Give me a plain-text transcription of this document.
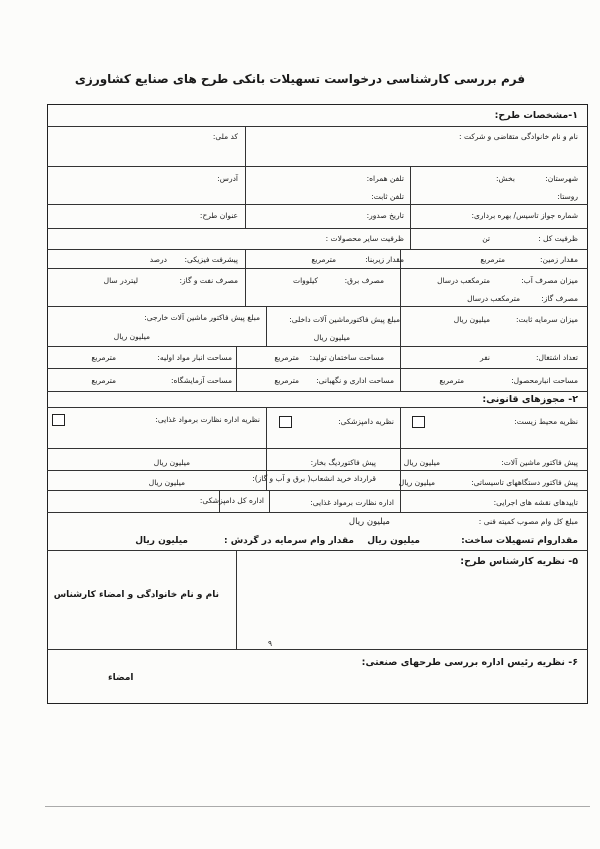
فرم بررسی کارشناسی درخواست تسهیلات بانکی طرح های صنایع کشاورزی
۱-مشخصات طرح:
نام و نام خانوادگی متقاضی و شرکت :
کد ملی:
شهرستان:
بخش:
تلفن همراه:
آدرس:
روستا:
تلفن ثابت:
شماره جواز تاسیس/ بهره برداری:
تاریخ صدور:
عنوان طرح:
ظرفیت کل :
تن
ظرفیت سایر محصولات :
مقدار زمین:
مترمربع
مقدار زیربنا:
مترمربع
پیشرفت فیزیکی:
درصد
میزان مصرف آب:
مترمکعب درسال
مصرف برق:
کیلووات
مصرف نفت و گاز:
لیتردر سال
مصرف گاز:
مترمکعب درسال
میزان سرمایه ثابت:
میلیون ریال
مبلغ پیش فاکتورماشین آلات داخلی:
میلیون ریال
مبلغ پیش فاکتور ماشین آلات خارجی:
میلیون ریال
تعداد اشتغال:
نفر
مساحت ساختمان تولید:
مترمربع
مساحت انبار مواد اولیه:
مترمربع
مساحت انبارمحصول:
مترمربع
مساحت اداری و نگهبانی:
مترمربع
مساحت آزمایشگاه:
مترمربع
۲- مجوزهای قانونی:
نظریه محیط زیست:
نظریه دامپزشکی:
نظریه اداره نظارت برمواد غذایی:
پیش فاکتور ماشین آلات:
میلیون ریال
پیش فاکتوردیگ بخار:
میلیون ریال
پیش فاکتور دستگاههای تاسیساتی:
میلیون ریال
قرارداد خرید انشعاب( برق و آب و گاز):
میلیون ریال
تاییدهای نقشه های اجرایی:
اداره نظارت برمواد غذایی:
اداره کل دامپزشکی:
مبلغ کل وام مصوب کمیته فنی :
میلیون ریال
مقداروام تسهیلات ساخت:
میلیون ریال
مقدار وام سرمایه در گردش :
میلیون ریال
۵- نظریه کارشناس طرح:
نام و نام خانوادگی و امضاء کارشناس
۹
۶- نظریه رئیس اداره بررسی طرحهای صنعتی:
امضاء
